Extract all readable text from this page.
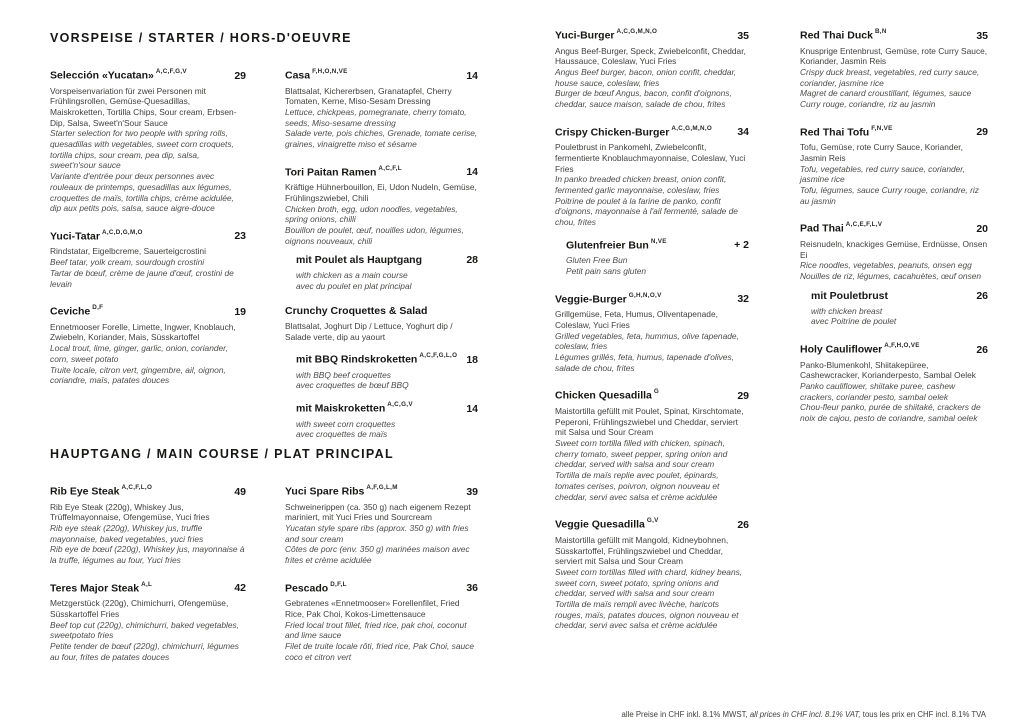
VORSPEISE / STARTER / HORS-D'OEUVRE
Selección «Yucatan» $^{A,C,F,G,V}$	29

Vorspeisenvariation für zwei Personen mit Frühlingsrollen, Gemüse-Quesadillas, Maiskroketten, Tortilla Chips, Sour cream, Erbsen-Dip, Salsa, Sweet'n'Sour Sauce

Starter selection for two people with spring rolls, quesadillas with vegetables, sweet corn croquets, tortilla chips, sour cream, pea dip, salsa, sweet'n'sour sauce

Variante d'entrée pour deux personnes avec rouleaux de printemps, quesadillas aux légumes, croquettes de maïs, tortilla chips, crème acidulée, dip aux petits pois, salsa, sauce aigre-douce

Yuci-Tatar $^{A,C,D,G,M,O}$	23

Rindstatar, Eigelbcreme, Sauerteigcrostini

Beef tatar, yolk cream, sourdough crostini

Tartar de bœuf, crème de jaune d'œuf, crostini de levain

Ceviche $^{D,F}$	19

Ennetmooser Forelle, Limette, Ingwer, Knoblauch, Zwiebeln, Koriander, Mais, Süsskartoffel

Local trout, lime, ginger, garlic, onion, coriander, corn, sweet potato

Truite locale, citron vert, gingembre, ail, oignon, coriandre, maïs, patates douces

Casa $^{F,H,O,N,VE}$	14

Blattsalat, Kichererbsen, Granatapfel, Cherry Tomaten, Kerne, Miso-Sesam Dressing

Lettuce, chickpeas, pomegranate, cherry tomato, seeds, Miso-sesame dressing

Salade verte, pois chiches, Grenade, tomate cerise, graines, vinaigrette miso et sésame

Tori Paitan Ramen $^{A,C,F,L}$	14

Kräftige Hühnerbouillon, Ei, Udon Nudeln, Gemüse, Frühlingszwiebel, Chili

Chicken broth, egg, udon noodles, vegetables, spring onions, chilli

Bouillon de poulet, œuf, nouilles udon, légumes, oignons nouveaux, chili

mit Poulet als Hauptgang	28

with chicken as a main course

avec du poulet en plat principal

Crunchy Croquettes & Salad

Blattsalat, Joghurt Dip / Lettuce, Yoghurt dip / Salade verte, dip au yaourt

mit BBQ Rindskroketten $^{A,C,F,G,L,O}$ 18

with BBQ beef croquettes

avec croquettes de bœuf BBQ

mit Maiskroketten $^{A,C,G,V}$	14

with sweet corn croquettes

avec croquettes de maïs

HAUPTGANG / MAIN COURSE / PLAT PRINCIPAL
Rib Eye Steak $^{A,C,F,L,O}$	49

Rib Eye Steak (220g), Whiskey Jus, Trüffelmayonnaise, Ofengemüse, Yuci fries

Rib eye steak (220g), Whiskey jus, truffle mayonnaise, baked vegetables, yuci fries

Rib eye de bœuf (220g), Whiskey jus, mayonnaise à la truffe, légumes au four, Yuci fries

Teres Major Steak $^{A,L}$	42

Metzgerstück (220g), Chimichurri, Ofengemüse, Süsskartoffel Fries

Beef top cut (220g), chimichurri, baked vegetables, sweetpotato fries

Petite tender de bœuf (220g), chimichurri, légumes au four, frites de patates douces

Yuci Spare Ribs $^{A,F,G,L,M}$	39

Schweinerippen (ca. 350 g) nach eigenem Rezept mariniert, mit Yuci Fries und Sourcream

Yucatan style spare ribs (approx. 350 g) with fries and sour cream

Côtes de porc (env. 350 g) marinées maison avec frites et crème acidulée

Pescado $^{D,F,L}$	36

Gebratenes «Ennetmooser» Forellenfilet, Fried Rice, Pak Choi, Kokos-Limettensauce

Fried local trout fillet, fried rice, pak choi, coconut and lime sauce

Filet de truite locale rôti, fried rice, Pak Choi, sauce coco et citron vert

Yuci-Burger $^{A,C,G,M,N,O}$	35

Angus Beef-Burger, Speck, Zwiebelconfit, Cheddar, Haussauce, Coleslaw, Yuci Fries

Angus Beef burger, bacon, onion confit, cheddar, house sauce, coleslaw, fries

Burger de bœuf Angus, bacon, confit d'oignons, cheddar, sauce maison, salade de chou, frites

Crispy Chicken-Burger $^{A,C,G,M,N,O}$	34

Pouletbrust in Pankomehl, Zwiebelconfit, fermentierte Knoblauchmayonnaise, Coleslaw, Yuci Fries

In panko breaded chicken breast, onion confit, fermented garlic mayonnaise, coleslaw, fries

Poitrine de poulet à la farine de panko, confit d'oignons, mayonnaise à l'ail fermenté, salade de chou, frites

Glutenfreier Bun $^{N,VE}$	+ 2

Gluten Free Bun

Petit pain sans gluten

Veggie-Burger $^{G,H,N,O,V}$	32

Grillgemüse, Feta, Humus, Oliventapenade, Coleslaw, Yuci Fries

Grilled vegetables, feta, hummus, olive tapenade, coleslaw, fries

Légumes grillés, feta, humus, tapenade d'olives, salade de chou, frites

Chicken Quesadilla $^G$	29

Maistortilla gefüllt mit Poulet, Spinat, Kirschtomate, Peperoni, Frühlingszwiebel und Cheddar, serviert mit Salsa und Sour Cream

Sweet corn tortilla filled with chicken, spinach, cherry tomato, sweet pepper, spring onion and cheddar, served with salsa and sour cream

Tortilla de maïs replie avec poulet, épinards, tomates cerises, poivron, oignon nouveau et cheddar, servi avec salsa et crème acidulée

Veggie Quesadilla $^{G,V}$	26

Maistortilla gefüllt mit Mangold, Kidneybohnen, Süsskartoffel, Frühlingszwiebel und Cheddar, serviert mit Salsa und Sour Cream

Sweet corn tortillas filled with chard, kidney beans, sweet corn, sweet potato, spring onions and cheddar, served with salsa and sour cream

Tortilla de maïs rempli avec livèche, haricots rouges, maïs, patates douces, oignon nouveau et cheddar, servi avec salsa et crème acidulée

Red Thai Duck $^{B,N}$	35

Knusprige Entenbrust, Gemüse, rote Curry Sauce, Koriander, Jasmin Reis

Crispy duck breast, vegetables, red curry sauce, coriander, jasmine rice

Magret de canard croustillant, légumes, sauce Curry rouge, coriandre, riz au jasmin

Red Thai Tofu $^{F,N,VE}$	29

Tofu, Gemüse, rote Curry Sauce, Koriander, Jasmin Reis

Tofu, vegetables, red curry sauce, coriander, jasmine rice

Tofu, légumes, sauce Curry rouge, coriandre, riz au jasmin

Pad Thai $^{A,C,E,F,L,V}$	20

Reisnudeln, knackiges Gemüse, Erdnüsse, Onsen Ei

Rice noodles, vegetables, peanuts, onsen egg

Nouilles de riz, légumes, cacahuètes, œuf onsen

mit Pouletbrust	26

with chicken breast

avec Poitrine de poulet

Holy Cauliflower $^{A,F,H,O,VE}$	26

Panko-Blumenkohl, Shiitakepüree, Cashewcracker, Korianderpesto, Sambal Oelek

Panko cauliflower, shiitake puree, cashew crackers, coriander pesto, sambal oelek

Chou-fleur panko, purée de shiitaké, crackers de noix de cajou, pesto de coriandre, sambal oelek

alle Preise in CHF inkl. 8.1% MWST, all prices in CHF incl. 8.1% VAT, tous les prix en CHF incl. 8.1% TVA
